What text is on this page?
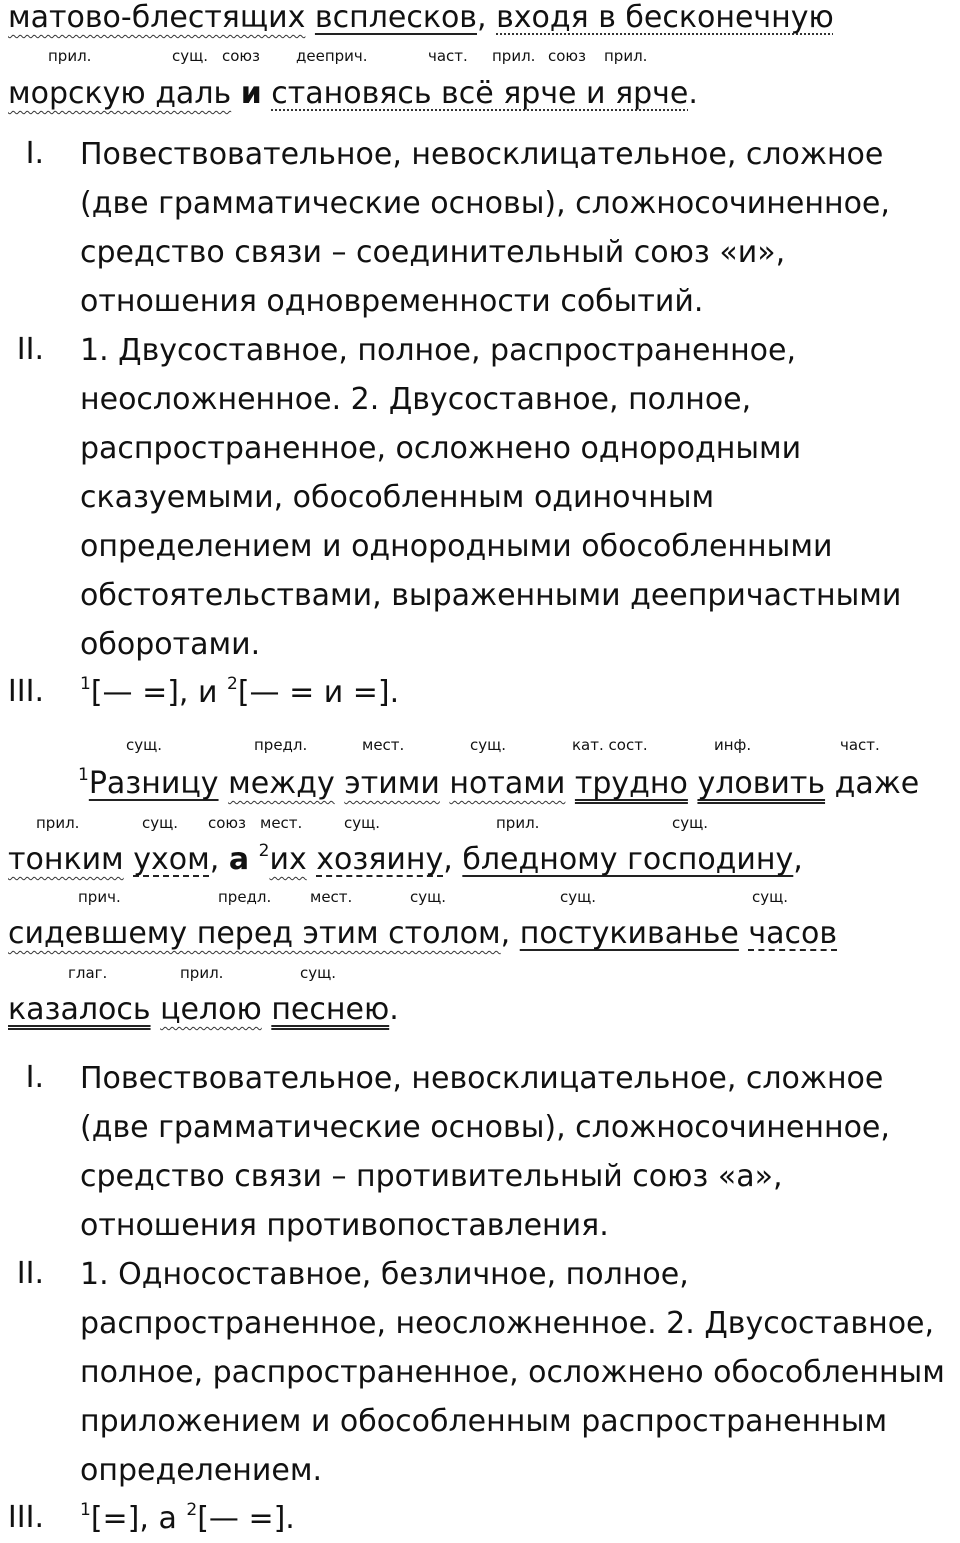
матово-блестящих всплесков, входя в бесконечную
прил.	сущ. союз дееприч.	част. прил. союз прил.
морскую даль и становясь всё ярче и ярче.
I. Повествовательное, невосклицательное, сложное (две грамматические основы), сложносочиненное, средство связи – соединительный союз «и», отношения одновременности событий.
II. 1. Двусоставное, полное, распространенное, неосложненное. 2. Двусоставное, полное, распространенное, осложнено однородными сказуемыми, обособленным одиночным определением и однородными обособленными обстоятельствами, выраженными деепричастными оборотами.
III. $^1$[— =], и $^2$[— = и =].
сущ.	предл.	мест.	сущ.	кат. сост.	инф.	част.
$^1$Разницу между этими нотами трудно уловить даже
прил.	сущ. союз мест.	сущ.	прил.	сущ.
тонким ухом, а $^2$их хозяину, бледному господину,
прич.	предл.	мест.	сущ.	сущ.	сущ.
сидевшему перед этим столом, постукиванье часов
глаг.	прил.	сущ.
казалось целою песнею.
I. Повествовательное, невосклицательное, сложное (две грамматические основы), сложносочиненное, средство связи – противительный союз «а», отношения противопоставления.
II. 1. Односоставное, безличное, полное, распространенное, неосложненное. 2. Двусоставное, полное, распространенное, осложнено обособленным приложением и обособленным распространенным определением.
III. $^1$[=], а $^2$[— =].
